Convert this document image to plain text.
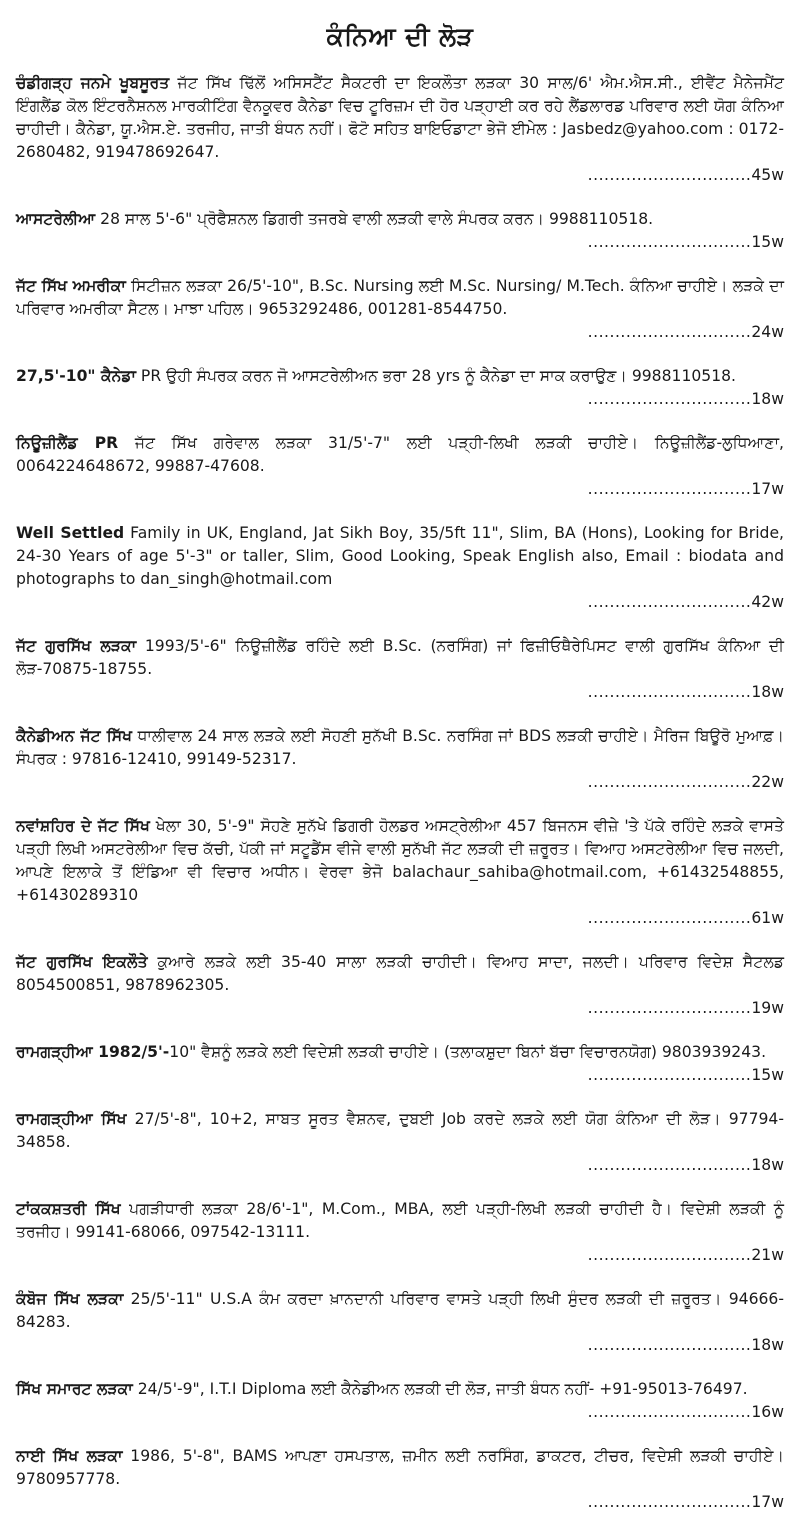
ਕੰਨਿਆ ਦੀ ਲੋੜ

ਚੰਡੀਗੜ੍ਹ ਜਨਮੇ ਖੂਬਸੂਰਤ ਜੱਟ ਸਿੱਖ ਢਿੱਲੋਂ ਅਸਿਸਟੈਂਟ ਸੈਕਟਰੀ ਦਾ ਇਕਲੌਤਾ ਲੜਕਾ 30 ਸਾਲ/6' ਐਮ.ਐਸ.ਸੀ., ਈਵੈਂਟ ਮੈਨੇਜਮੈਂਟ ਇੰਗਲੈਂਡ ਕੋਲ ਇੰਟਰਨੈਸ਼ਨਲ ਮਾਰਕੀਟਿੰਗ ਵੈਨਕੂਵਰ ਕੈਨੇਡਾ ਵਿਚ ਟੂਰਿਜ਼ਮ ਦੀ ਹੋਰ ਪੜ੍ਹਾਈ ਕਰ ਰਹੇ ਲੈਂਡਲਾਰਡ ਪਰਿਵਾਰ ਲਈ ਯੋਗ ਕੰਨਿਆ ਚਾਹੀਦੀ। ਕੈਨੇਡਾ, ਯੂ.ਐਸ.ਏ. ਤਰਜੀਹ, ਜਾਤੀ ਬੰਧਨ ਨਹੀਂ। ਫੋਟੋ ਸਹਿਤ ਬਾਇਓਡਾਟਾ ਭੇਜੋ ਈਮੇਲ : Jasbedz@yahoo.com : 0172-2680482, 919478692647.
..............................45w

ਆਸਟਰੇਲੀਆ 28 ਸਾਲ 5'-6" ਪ੍ਰੋਫੈਸ਼ਨਲ ਡਿਗਰੀ ਤਜਰਬੇ ਵਾਲੀ ਲੜਕੀ ਵਾਲੇ ਸੰਪਰਕ ਕਰਨ। 9988110518.
..............................15w

ਜੱਟ ਸਿੱਖ ਅਮਰੀਕਾ ਸਿਟੀਜ਼ਨ ਲੜਕਾ 26/5'-10", B.Sc. Nursing ਲਈ M.Sc. Nursing/ M.Tech. ਕੰਨਿਆ ਚਾਹੀਏ। ਲੜਕੇ ਦਾ ਪਰਿਵਾਰ ਅਮਰੀਕਾ ਸੈਟਲ। ਮਾਝਾ ਪਹਿਲ। 9653292486, 001281-8544750.
..............................24w

27,5'-10" ਕੈਨੇਡਾ PR ਉਹੀ ਸੰਪਰਕ ਕਰਨ ਜੋ ਆਸਟਰੇਲੀਅਨ ਭਰਾ 28 yrs ਨੂੰ ਕੈਨੇਡਾ ਦਾ ਸਾਕ ਕਰਾਉਣ। 9988110518.
..............................18w

ਨਿਊਜ਼ੀਲੈਂਡ PR ਜੱਟ ਸਿੱਖ ਗਰੇਵਾਲ ਲੜਕਾ 31/5'-7" ਲਈ ਪੜ੍ਹੀ-ਲਿਖੀ ਲੜਕੀ ਚਾਹੀਏ। ਨਿਊਜ਼ੀਲੈਂਡ-ਲੁਧਿਆਣਾ, 0064224648672, 99887-47608.
..............................17w

Well Settled Family in UK, England, Jat Sikh Boy, 35/5ft 11", Slim, BA (Hons), Looking for Bride, 24-30 Years of age 5'-3" or taller, Slim, Good Looking, Speak English also, Email : biodata and photographs to dan_singh@hotmail.com
..............................42w

ਜੱਟ ਗੁਰਸਿੱਖ ਲੜਕਾ 1993/5'-6" ਨਿਊਜ਼ੀਲੈਂਡ ਰਹਿੰਦੇ ਲਈ B.Sc. (ਨਰਸਿੰਗ) ਜਾਂ ਫਿਜ਼ੀਓਥੈਰੇਪਿਸਟ ਵਾਲੀ ਗੁਰਸਿੱਖ ਕੰਨਿਆ ਦੀ ਲੋੜ-70875-18755.
..............................18w

ਕੈਨੇਡੀਅਨ ਜੱਟ ਸਿੱਖ ਧਾਲੀਵਾਲ 24 ਸਾਲ ਲੜਕੇ ਲਈ ਸੋਹਣੀ ਸੁਨੱਖੀ B.Sc. ਨਰਸਿੰਗ ਜਾਂ BDS ਲੜਕੀ ਚਾਹੀਏ। ਮੈਰਿਜ ਬਿਊਰੋ ਮੁਆਫ਼। ਸੰਪਰਕ : 97816-12410, 99149-52317.
..............................22w

ਨਵਾਂਸ਼ਹਿਰ ਦੇ ਜੱਟ ਸਿੱਖ ਖੇਲਾ 30, 5'-9" ਸੋਹਣੇ ਸੁਨੱਖੇ ਡਿਗਰੀ ਹੋਲਡਰ ਅਸਟ੍ਰੇਲੀਆ 457 ਬਿਜਨਸ ਵੀਜ਼ੇ 'ਤੇ ਪੱਕੇ ਰਹਿੰਦੇ ਲੜਕੇ ਵਾਸਤੇ ਪੜ੍ਹੀ ਲਿਖੀ ਅਸਟਰੇਲੀਆ ਵਿਚ ਕੱਚੀ, ਪੱਕੀ ਜਾਂ ਸਟੂਡੈਂਸ ਵੀਜੇ ਵਾਲੀ ਸੁਨੱਖੀ ਜੱਟ ਲੜਕੀ ਦੀ ਜ਼ਰੂਰਤ। ਵਿਆਹ ਅਸਟਰੇਲੀਆ ਵਿਚ ਜਲਦੀ, ਆਪਣੇ ਇਲਾਕੇ ਤੋਂ ਇੰਡਿਆ ਵੀ ਵਿਚਾਰ ਅਧੀਨ। ਵੇਰਵਾ ਭੇਜੋ balachaur_sahiba@hotmail.com, +61432548855, +61430289310
..............................61w

ਜੱਟ ਗੁਰਸਿੱਖ ਇਕਲੌਤੇ ਕੁਆਰੇ ਲੜਕੇ ਲਈ 35-40 ਸਾਲਾ ਲੜਕੀ ਚਾਹੀਦੀ। ਵਿਆਹ ਸਾਦਾ, ਜਲਦੀ। ਪਰਿਵਾਰ ਵਿਦੇਸ਼ ਸੈਟਲਡ 8054500851, 9878962305.
..............................19w

ਰਾਮਗੜ੍ਹੀਆ 1982/5'-10" ਵੈਸ਼ਨੂੰ ਲੜਕੇ ਲਈ ਵਿਦੇਸ਼ੀ ਲੜਕੀ ਚਾਹੀਏ। (ਤਲਾਕਸ਼ੁਦਾ ਬਿਨਾਂ ਬੱਚਾ ਵਿਚਾਰਨਯੋਗ) 9803939243.
..............................15w

ਰਾਮਗੜ੍ਹੀਆ ਸਿੱਖ 27/5'-8", 10+2, ਸਾਬਤ ਸੂਰਤ ਵੈਸ਼ਨਵ, ਦੁਬਈ Job ਕਰਦੇ ਲੜਕੇ ਲਈ ਯੋਗ ਕੰਨਿਆ ਦੀ ਲੋੜ। 97794-34858.
..............................18w

ਟਾਂਕਕਸ਼ਤਰੀ ਸਿੱਖ ਪਗੜੀਧਾਰੀ ਲੜਕਾ 28/6'-1", M.Com., MBA, ਲਈ ਪੜ੍ਹੀ-ਲਿਖੀ ਲੜਕੀ ਚਾਹੀਦੀ ਹੈ। ਵਿਦੇਸ਼ੀ ਲੜਕੀ ਨੂੰ ਤਰਜੀਹ। 99141-68066, 097542-13111.
..............................21w

ਕੰਬੋਜ ਸਿੱਖ ਲੜਕਾ 25/5'-11" U.S.A ਕੰਮ ਕਰਦਾ ਖ਼ਾਨਦਾਨੀ ਪਰਿਵਾਰ ਵਾਸਤੇ ਪੜ੍ਹੀ ਲਿਖੀ ਸੁੰਦਰ ਲੜਕੀ ਦੀ ਜ਼ਰੂਰਤ। 94666-84283.
..............................18w

ਸਿੱਖ ਸਮਾਰਟ ਲੜਕਾ 24/5'-9", I.T.I Diploma ਲਈ ਕੈਨੇਡੀਅਨ ਲੜਕੀ ਦੀ ਲੋੜ, ਜਾਤੀ ਬੰਧਨ ਨਹੀਂ- +91-95013-76497.
..............................16w

ਨਾਈ ਸਿੱਖ ਲੜਕਾ 1986, 5'-8", BAMS ਆਪਣਾ ਹਸਪਤਾਲ, ਜ਼ਮੀਨ ਲਈ ਨਰਸਿੰਗ, ਡਾਕਟਰ, ਟੀਚਰ, ਵਿਦੇਸ਼ੀ ਲੜਕੀ ਚਾਹੀਏ। 9780957778.
..............................17w
